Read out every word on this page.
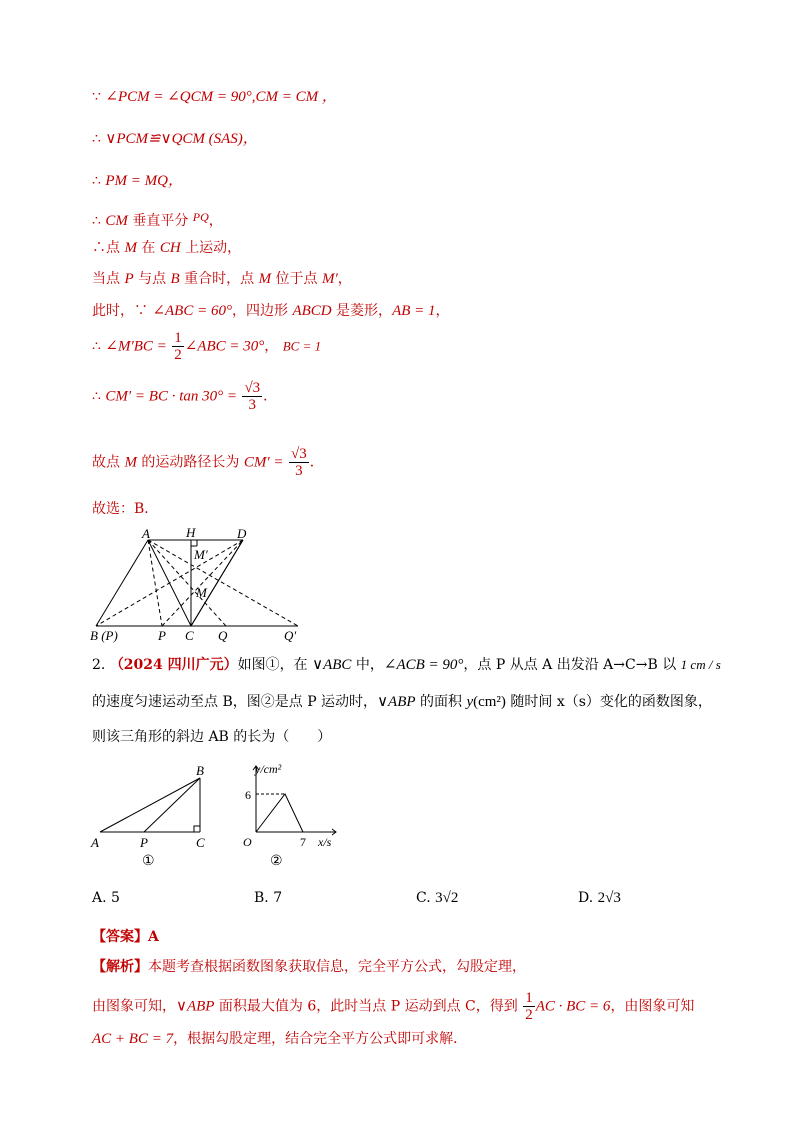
∵ ∠PCM = ∠QCM = 90°,CM = CM ，
∴ ∨PCM≌∨QCM (SAS)，
∴ PM = MQ，
∴ CM 垂直平分 PQ，
∴点 M 在 CH 上运动，
当点 P 与点 B 重合时，点 M 位于点 M′，
此时，∵ ∠ABC = 60°，四边形 ABCD 是菱形，AB = 1，
∴ ∠M′BC = $\frac{1}{2}$ ∠ABC = 30°， BC = 1
∴ CM′ = BC · $\tan 30^\circ = \frac{√3}{3}$ ．
故点 M 的运动路径长为 $CM' = \frac{√3}{3}$ ．
故选：B．
A	H	D
M′
M
B (P)	P C Q	Q′
2. （2024 四川广元）如图①，在 ∨ABC 中，∠ACB = 90°，点 P 从点 A 出发沿 A→C→B 以 1 cm / s
的速度匀速运动至点 B，图②是点 P 运动时，∨ABP 的面积 y(cm²) 随时间 x（s）变化的函数图象，
则该三角形的斜边 AB 的长为（　　）
B
A	P	C
①
y/cm²
6
O	7 x/s
②
A. 5	B. 7	C. 3√2	D. 2√3
【答案】A
【解析】本题考查根据函数图象获取信息，完全平方公式，勾股定理，
由图象可知，∨ABP 面积最大值为 6，此时当点 P 运动到点 C，得到 $\frac{1}{2}$ AC · BC = 6，由图象可知
AC + BC = 7，根据勾股定理，结合完全平方公式即可求解．
